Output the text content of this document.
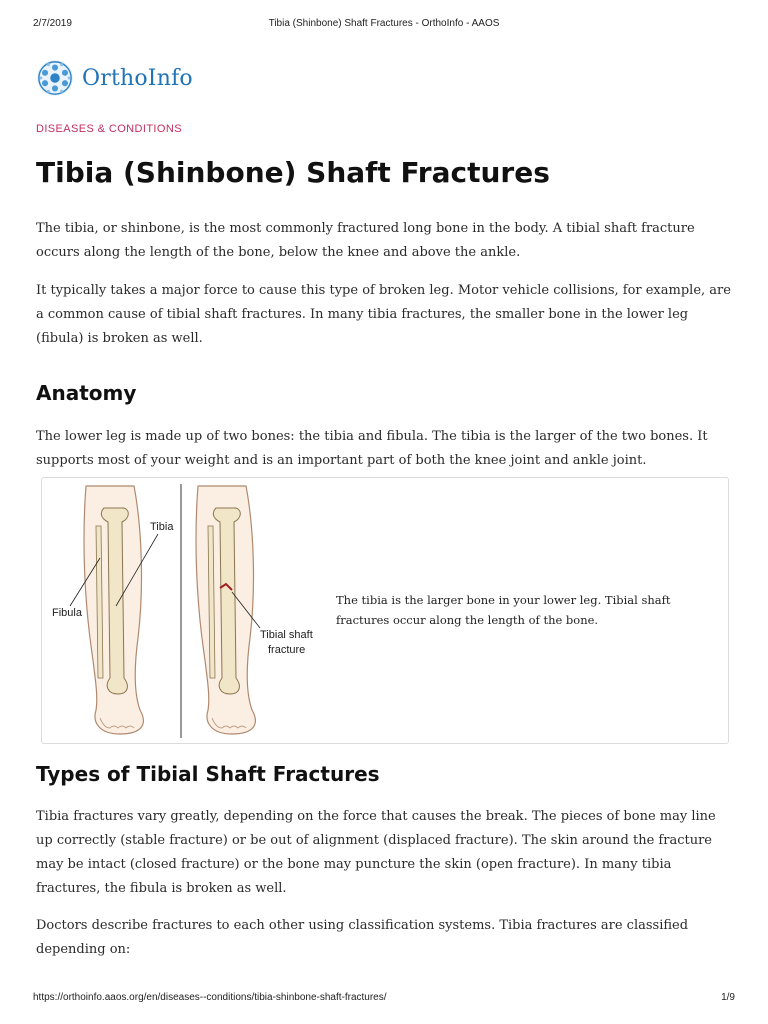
2/7/2019	Tibia (Shinbone) Shaft Fractures - OrthoInfo - AAOS
OrthoInfo
DISEASES & CONDITIONS
Tibia (Shinbone) Shaft Fractures

The tibia, or shinbone, is the most commonly fractured long bone in the body. A tibial shaft fracture occurs along the length of the bone, below the knee and above the ankle.

It typically takes a major force to cause this type of broken leg. Motor vehicle collisions, for example, are a common cause of tibial shaft fractures. In many tibia fractures, the smaller bone in the lower leg (fibula) is broken as well.

Anatomy

The lower leg is made up of two bones: the tibia and fibula. The tibia is the larger of the two bones. It supports most of your weight and is an important part of both the knee joint and ankle joint.

Tibia
Fibula
Tibial shaft
fracture

The tibia is the larger bone in your lower leg. Tibial shaft fractures occur along the length of the bone.

Types of Tibial Shaft Fractures

Tibia fractures vary greatly, depending on the force that causes the break. The pieces of bone may line up correctly (stable fracture) or be out of alignment (displaced fracture). The skin around the fracture may be intact (closed fracture) or the bone may puncture the skin (open fracture). In many tibia fractures, the fibula is broken as well.

Doctors describe fractures to each other using classification systems. Tibia fractures are classified depending on:

https://orthoinfo.aaos.org/en/diseases--conditions/tibia-shinbone-shaft-fractures/	1/9
